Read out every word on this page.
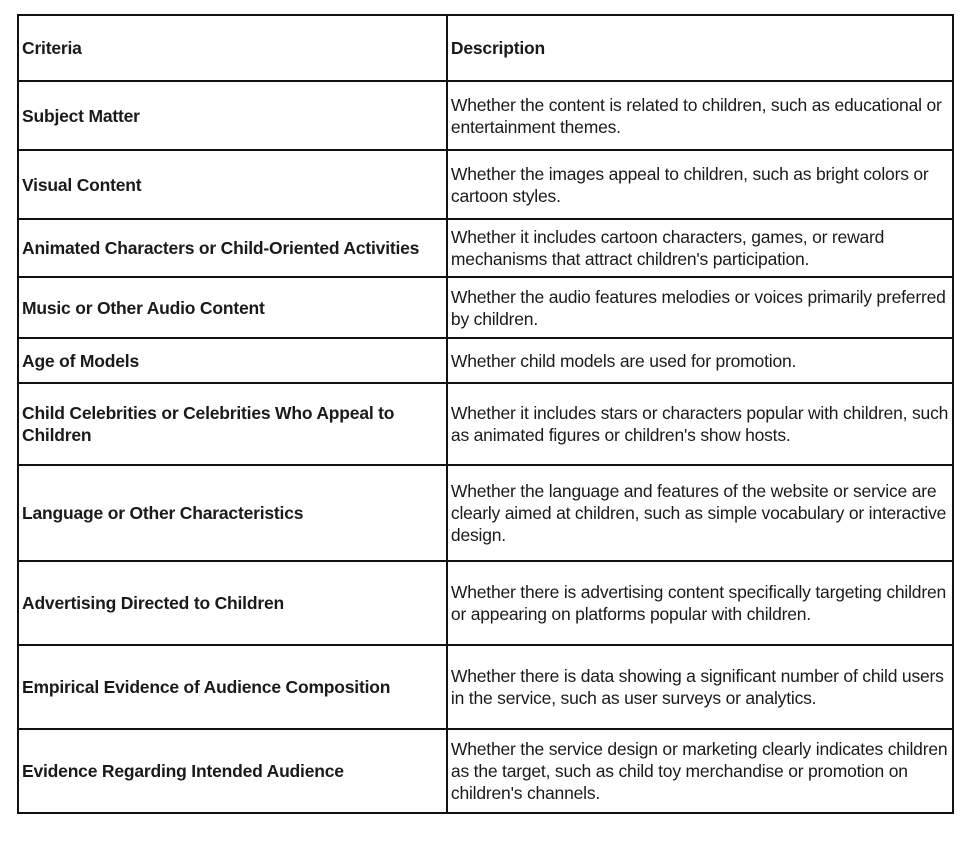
Criteria	Description
Subject Matter	Whether the content is related to children, such as educational or entertainment themes.
Visual Content	Whether the images appeal to children, such as bright colors or cartoon styles.
Animated Characters or Child-Oriented Activities	Whether it includes cartoon characters, games, or reward mechanisms that attract children's participation.
Music or Other Audio Content	Whether the audio features melodies or voices primarily preferred by children.
Age of Models	Whether child models are used for promotion.
Child Celebrities or Celebrities Who Appeal to Children	Whether it includes stars or characters popular with children, such as animated figures or children's show hosts.
Language or Other Characteristics	Whether the language and features of the website or service are clearly aimed at children, such as simple vocabulary or interactive design.
Advertising Directed to Children	Whether there is advertising content specifically targeting children or appearing on platforms popular with children.
Empirical Evidence of Audience Composition	Whether there is data showing a significant number of child users in the service, such as user surveys or analytics.
Evidence Regarding Intended Audience	Whether the service design or marketing clearly indicates children as the target, such as child toy merchandise or promotion on children's channels.
